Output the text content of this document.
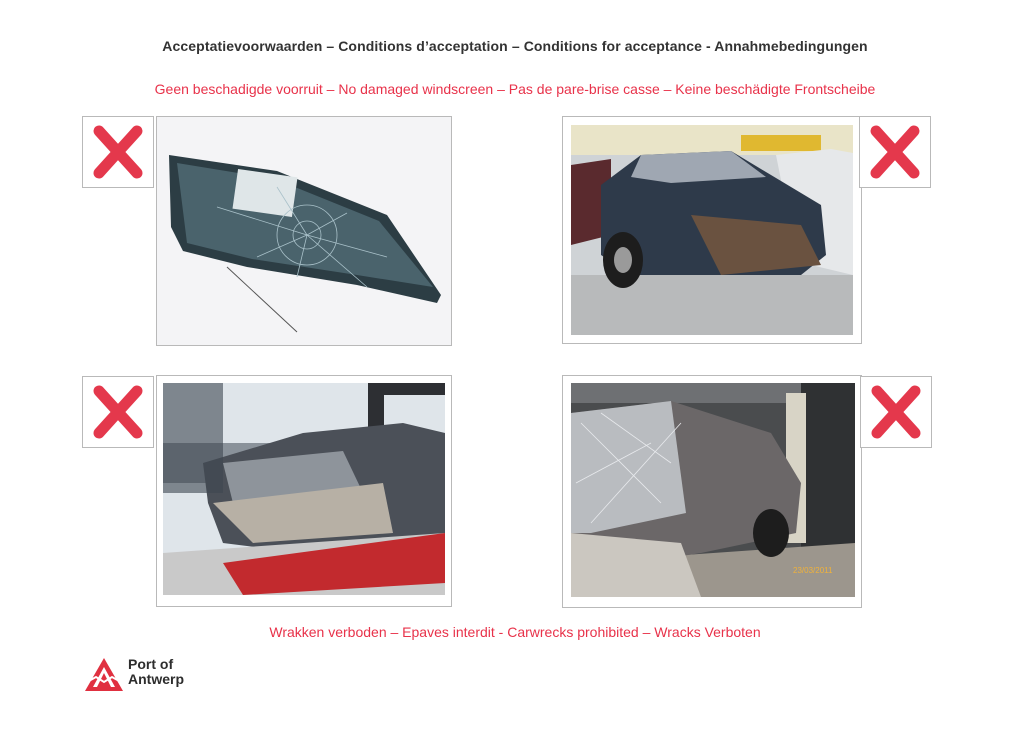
Acceptatievoorwaarden – Conditions d’acceptation – Conditions for acceptance - Annahmebedingungen
Geen beschadigde voorruit – No damaged windscreen – Pas de pare-brise casse – Keine beschädigte Frontscheibe
23/03/2011
Wrakken verboden – Epaves interdit - Carwrecks prohibited – Wracks Verboten
Port of
Antwerp
